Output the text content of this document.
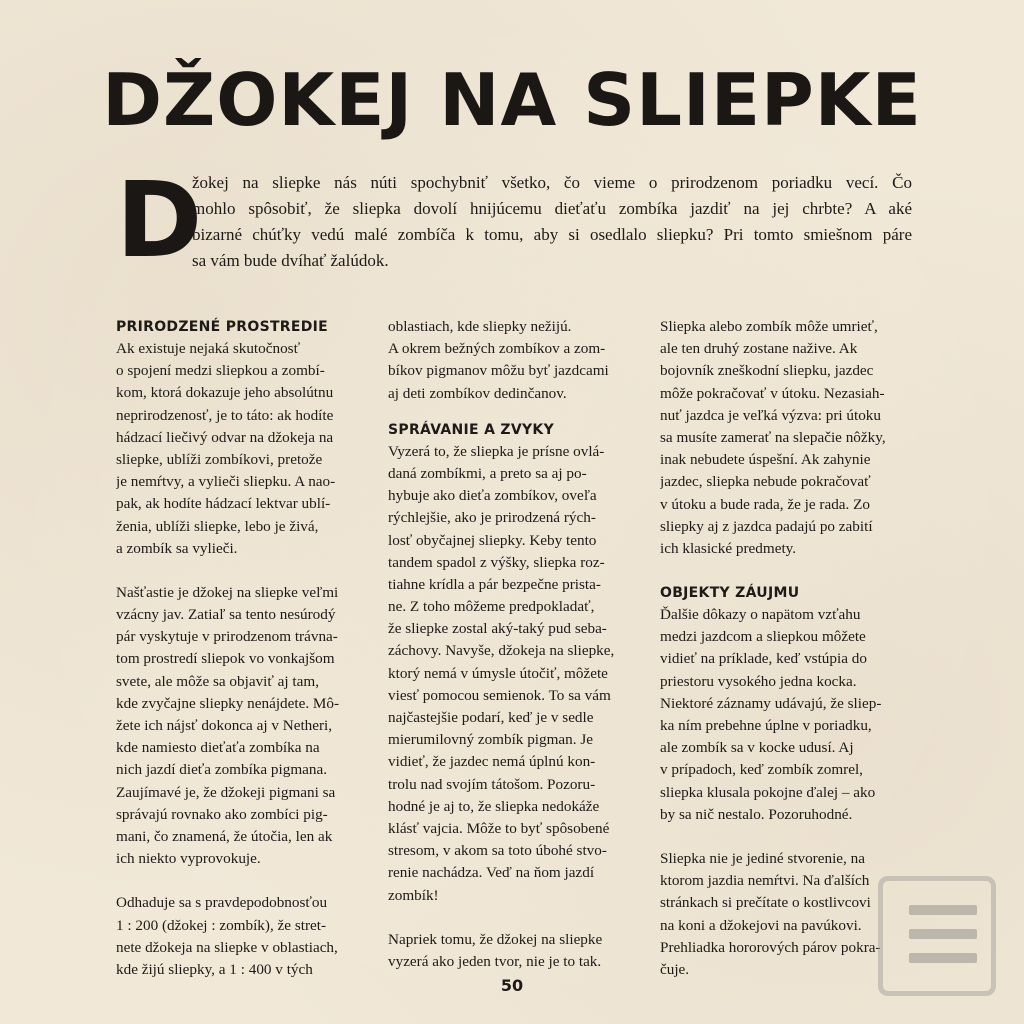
DŽOKEJ NA SLIEPKE
D
žokej na sliepke nás núti spochybniť všetko, čo vieme o prirodzenom poriadku vecí. Čo
mohlo spôsobiť, že sliepka dovolí hnijúcemu dieťaťu zombíka jazdiť na jej chrbte? A aké
bizarné chúťky vedú malé zombíča k tomu, aby si osedlalo sliepku? Pri tomto smiešnom páre
sa vám bude dvíhať žalúdok.
PRIRODZENÉ PROSTREDIE
Ak existuje nejaká skutočnosť
o spojení medzi sliepkou a zombí-
kom, ktorá dokazuje jeho absolútnu
neprirodzenosť, je to táto: ak hodíte
hádzací liečivý odvar na džokeja na
sliepke, ublíži zombíkovi, pretože
je nemŕtvy, a vylieči sliepku. A nao-
pak, ak hodíte hádzací lektvar ublí-
ženia, ublíži sliepke, lebo je živá,
a zombík sa vylieči.
Našťastie je džokej na sliepke veľmi
vzácny jav. Zatiaľ sa tento nesúrodý
pár vyskytuje v prirodzenom trávna-
tom prostredí sliepok vo vonkajšom
svete, ale môže sa objaviť aj tam,
kde zvyčajne sliepky nenájdete. Mô-
žete ich nájsť dokonca aj v Netheri,
kde namiesto dieťaťa zombíka na
nich jazdí dieťa zombíka pigmana.
Zaujímavé je, že džokeji pigmani sa
správajú rovnako ako zombíci pig-
mani, čo znamená, že útočia, len ak
ich niekto vyprovokuje.
Odhaduje sa s pravdepodobnosťou
1 : 200 (džokej : zombík), že stret-
nete džokeja na sliepke v oblastiach,
kde žijú sliepky, a 1 : 400 v tých
oblastiach, kde sliepky nežijú.
A okrem bežných zombíkov a zom-
bíkov pigmanov môžu byť jazdcami
aj deti zombíkov dedinčanov.
SPRÁVANIE A ZVYKY
Vyzerá to, že sliepka je prísne ovlá-
daná zombíkmi, a preto sa aj po-
hybuje ako dieťa zombíkov, oveľa
rýchlejšie, ako je prirodzená rých-
losť obyčajnej sliepky. Keby tento
tandem spadol z výšky, sliepka roz-
tiahne krídla a pár bezpečne prista-
ne. Z toho môžeme predpokladať,
že sliepke zostal aký-taký pud seba-
záchovy. Navyše, džokeja na sliepke,
ktorý nemá v úmysle útočiť, môžete
viesť pomocou semienok. To sa vám
najčastejšie podarí, keď je v sedle
mierumilovný zombík pigman. Je
vidieť, že jazdec nemá úplnú kon-
trolu nad svojím tátošom. Pozoru-
hodné je aj to, že sliepka nedokáže
klásť vajcia. Môže to byť spôsobené
stresom, v akom sa toto úbohé stvo-
renie nachádza. Veď na ňom jazdí
zombík!
Napriek tomu, že džokej na sliepke
vyzerá ako jeden tvor, nie je to tak.
Sliepka alebo zombík môže umrieť,
ale ten druhý zostane nažive. Ak
bojovník zneškodní sliepku, jazdec
môže pokračovať v útoku. Nezasiah-
nuť jazdca je veľká výzva: pri útoku
sa musíte zamerať na slepačie nôžky,
inak nebudete úspešní. Ak zahynie
jazdec, sliepka nebude pokračovať
v útoku a bude rada, že je rada. Zo
sliepky aj z jazdca padajú po zabití
ich klasické predmety.
OBJEKTY ZÁUJMU
Ďalšie dôkazy o napätom vzťahu
medzi jazdcom a sliepkou môžete
vidieť na príklade, keď vstúpia do
priestoru vysokého jedna kocka.
Niektoré záznamy udávajú, že sliep-
ka ním prebehne úplne v poriadku,
ale zombík sa v kocke udusí. Aj
v prípadoch, keď zombík zomrel,
sliepka klusala pokojne ďalej – ako
by sa nič nestalo. Pozoruhodné.
Sliepka nie je jediné stvorenie, na
ktorom jazdia nemŕtvi. Na ďalších
stránkach si prečítate o kostlivcovi
na koni a džokejovi na pavúkovi.
Prehliadka hororových párov pokra-
čuje.
50
